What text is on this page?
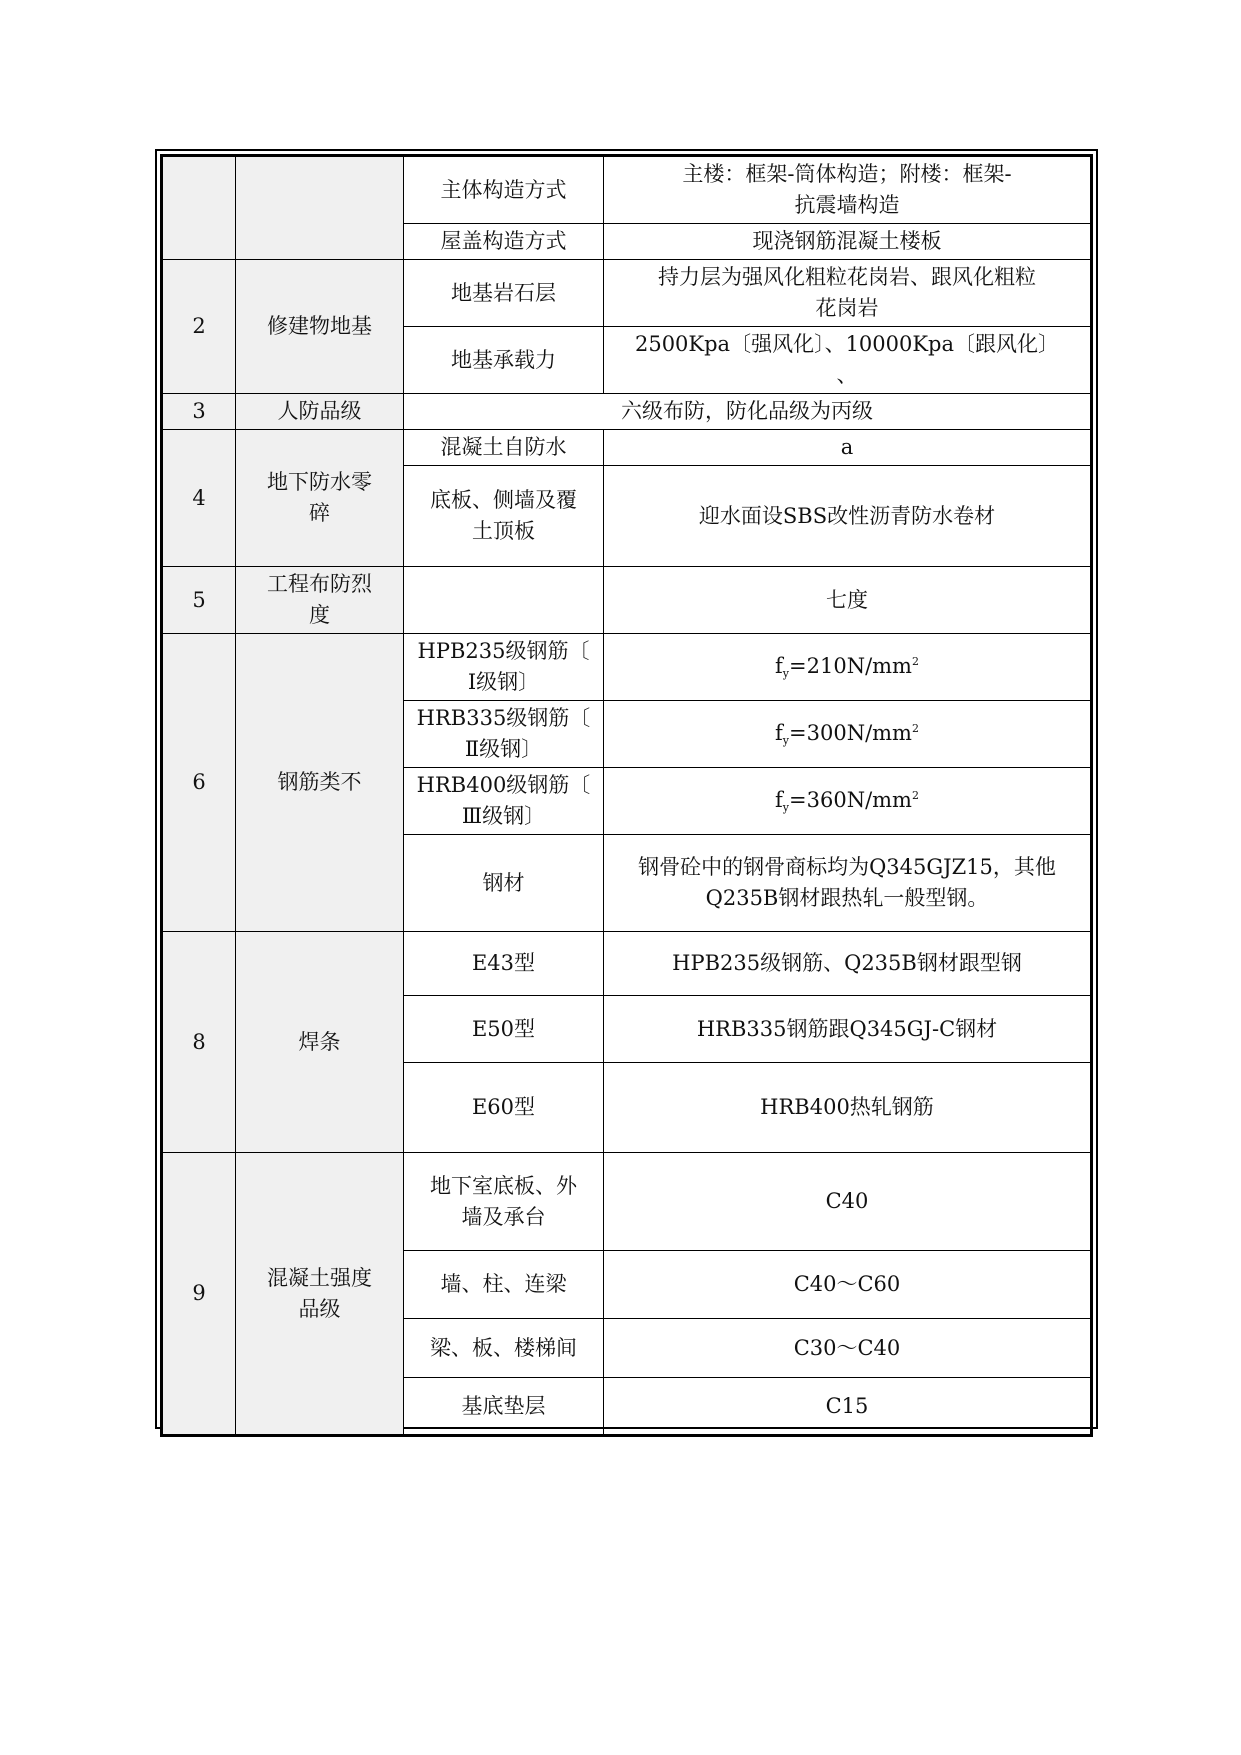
		主体构造方式	主楼：框架-筒体构造；附楼：框架-
抗震墙构造

		屋盖构造方式	现浇钢筋混凝土楼板
2	修建物地基	地基岩石层	持力层为强风化粗粒花岗岩、跟风化粗粒
花岗岩

		地基承载力	2500Kpa〔强风化〕、10000Kpa〔跟风化〕
、

3	人防品级	六级布防，防化品级为丙级	
4	地下防水零
碎	混凝土自防水	a

		底板、侧墙及覆
土顶板	迎水面设SBS改性沥青防水卷材
5	工程布防烈
度		七度
6	钢筋类不	HPB235级钢筋〔
Ⅰ级钢〕	$f_y=210N/mm^2$

		HRB335级钢筋〔
Ⅱ级钢〕	$f_y=300N/mm^2$

		HRB400级钢筋〔
Ⅲ级钢〕	$f_y=360N/mm^2$
		钢材	钢骨砼中的钢骨商标均为Q345GJZ15，其他
Q235B钢材跟热轧一般型钢。

8	焊条	E43型	HPB235级钢筋、Q235B钢材跟型钢
		E50型	HRB335钢筋跟Q345GJ-C钢材
		E60型	HRB400热轧钢筋
9	混凝土强度
品级	地下室底板、外
墙及承台	C40
		墙、柱、连梁	C40～C60
		梁、板、楼梯间	C30～C40
		基底垫层	C15
